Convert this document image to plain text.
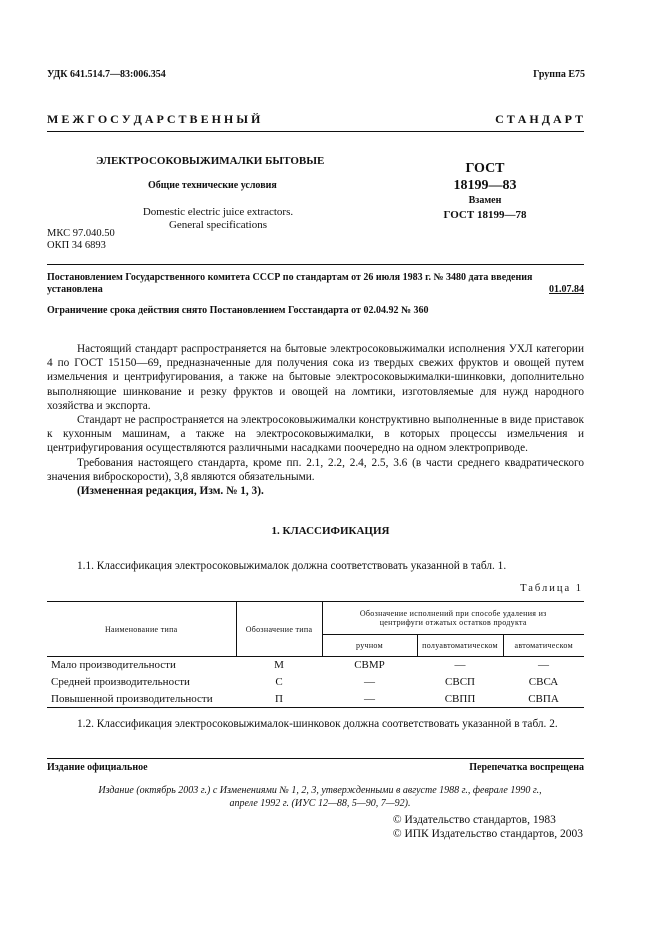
УДК 641.514.7—83:006.354	Группа Е75
М Е Ж Г О С У Д А Р С Т В Е Н Н Ы Й	С Т А Н Д А Р Т
ЭЛЕКТРОСОКОВЫЖИМАЛКИ БЫТОВЫЕ
Общие технические условия
Domestic electric juice extractors.
General specifications
МКС 97.040.50
ОКП 34 6893
ГОСТ
18199—83
Взамен
ГОСТ 18199—78
Постановлением Государственного комитета СССР по стандартам от 26 июля 1983 г. № 3480 дата введения
установлена	01.07.84
Ограничение срока действия снято Постановлением Госстандарта от 02.04.92 № 360

Настоящий стандарт распространяется на бытовые электросоковыжималки исполнения УХЛ категории 4 по ГОСТ 15150—69, предназначенные для получения сока из твердых свежих фруктов и овощей путем измельчения и центрифугирования, а также на бытовые электросоковыжималки-шинковки, дополнительно выполняющие шинкование и резку фруктов и овощей на ломтики, изготовляемые для нужд народного хозяйства и экспорта.

Стандарт не распространяется на электросоковыжималки конструктивно выполненные в виде приставок к кухонным машинам, а также на электросоковыжималки, в которых процессы измельчения и центрифугирования осуществляются различными насадками поочередно на одном электроприводе.

Требования настоящего стандарта, кроме пп. 2.1, 2.2, 2.4, 2.5, 3.6 (в части среднего квадратического значения виброскорости), 3,8 являются обязательными.

(Измененная редакция, Изм. № 1, 3).

1. КЛАССИФИКАЦИЯ
1.1. Классификация электросоковыжималок должна соответствовать указанной в табл. 1.
Таблица 1
Наименование типа	Обозначение типа	Обозначение исполнений при способе удаления из
центрифуги отжатых остатков продукта		

		ручном	полуавтоматическом	автоматическом
Мало производительности	М	СВМР	—	—
Средней производительности	С	—	СВСП	СВСА
Повышенной производительности	П	—	СВПП	СВПА

1.2. Классификация электросоковыжималок-шинковок должна соответствовать указанной в табл. 2.

Издание официальное	Перепечатка воспрещена
Издание (октябрь 2003 г.) с Изменениями № 1, 2, 3, утвержденными в августе 1988 г., феврале 1990 г.,
апреле 1992 г. (ИУС 12—88, 5—90, 7—92).
© Издательство стандартов, 1983
© ИПК Издательство стандартов, 2003
